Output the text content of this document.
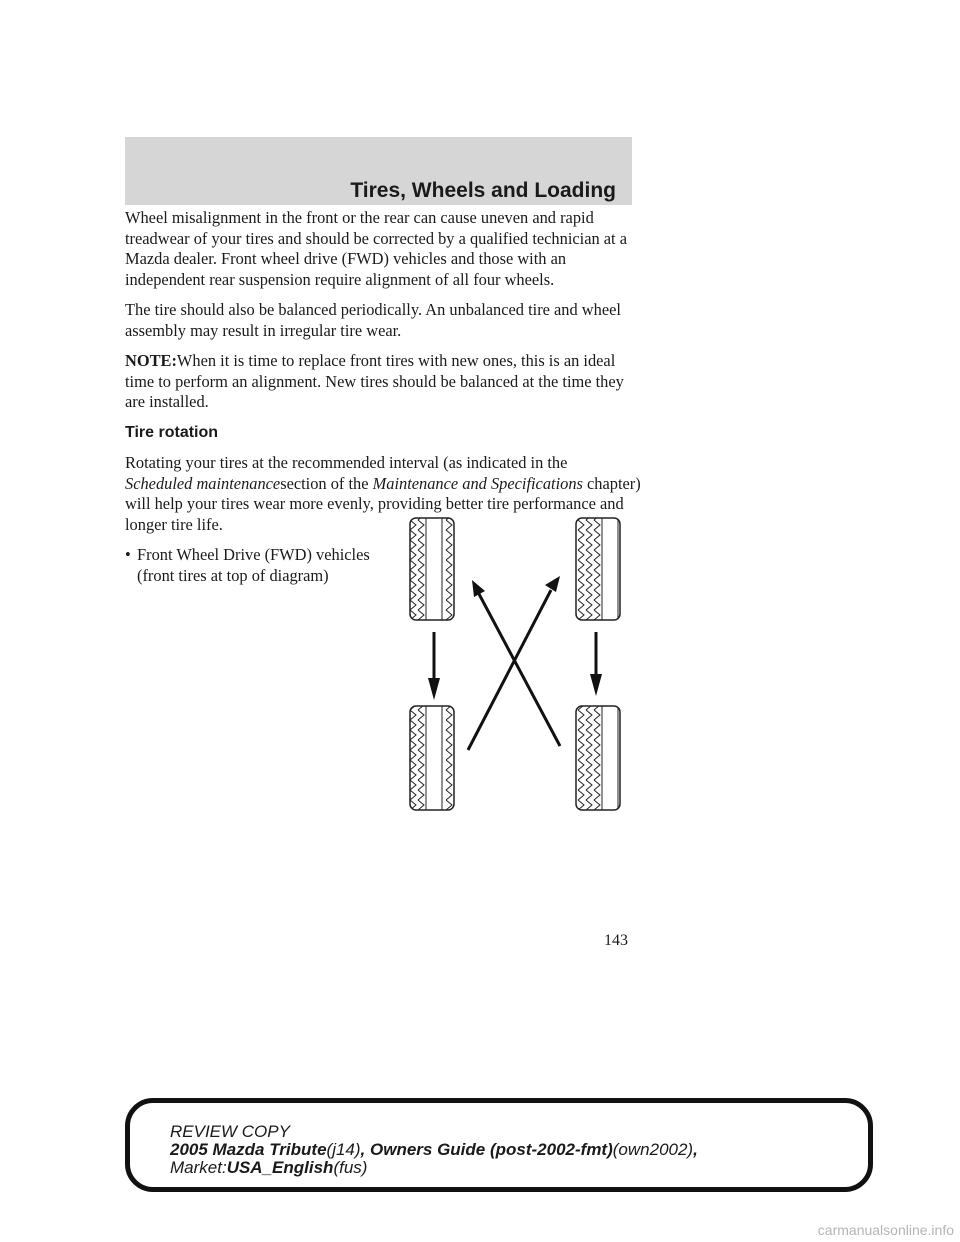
Tires, Wheels and Loading

Wheel misalignment in the front or the rear can cause uneven and rapid treadwear of your tires and should be corrected by a qualified technician at a Mazda dealer. Front wheel drive (FWD) vehicles and those with an independent rear suspension require alignment of all four wheels.

The tire should also be balanced periodically. An unbalanced tire and wheel assembly may result in irregular tire wear.

NOTE:When it is time to replace front tires with new ones, this is an ideal time to perform an alignment. New tires should be balanced at the time they are installed.

Tire rotation

Rotating your tires at the recommended interval (as indicated in the
Scheduled maintenancesection of the Maintenance and Specifications chapter) will help your tires wear more evenly, providing better tire performance and longer tire life.

• Front Wheel Drive (FWD) vehicles (front tires at top of diagram)
143
REVIEW COPY
2005 Mazda Tribute(j14), Owners Guide (post-2002-fmt)(own2002),
Market:USA_English(fus)
carmanualsonline.info
